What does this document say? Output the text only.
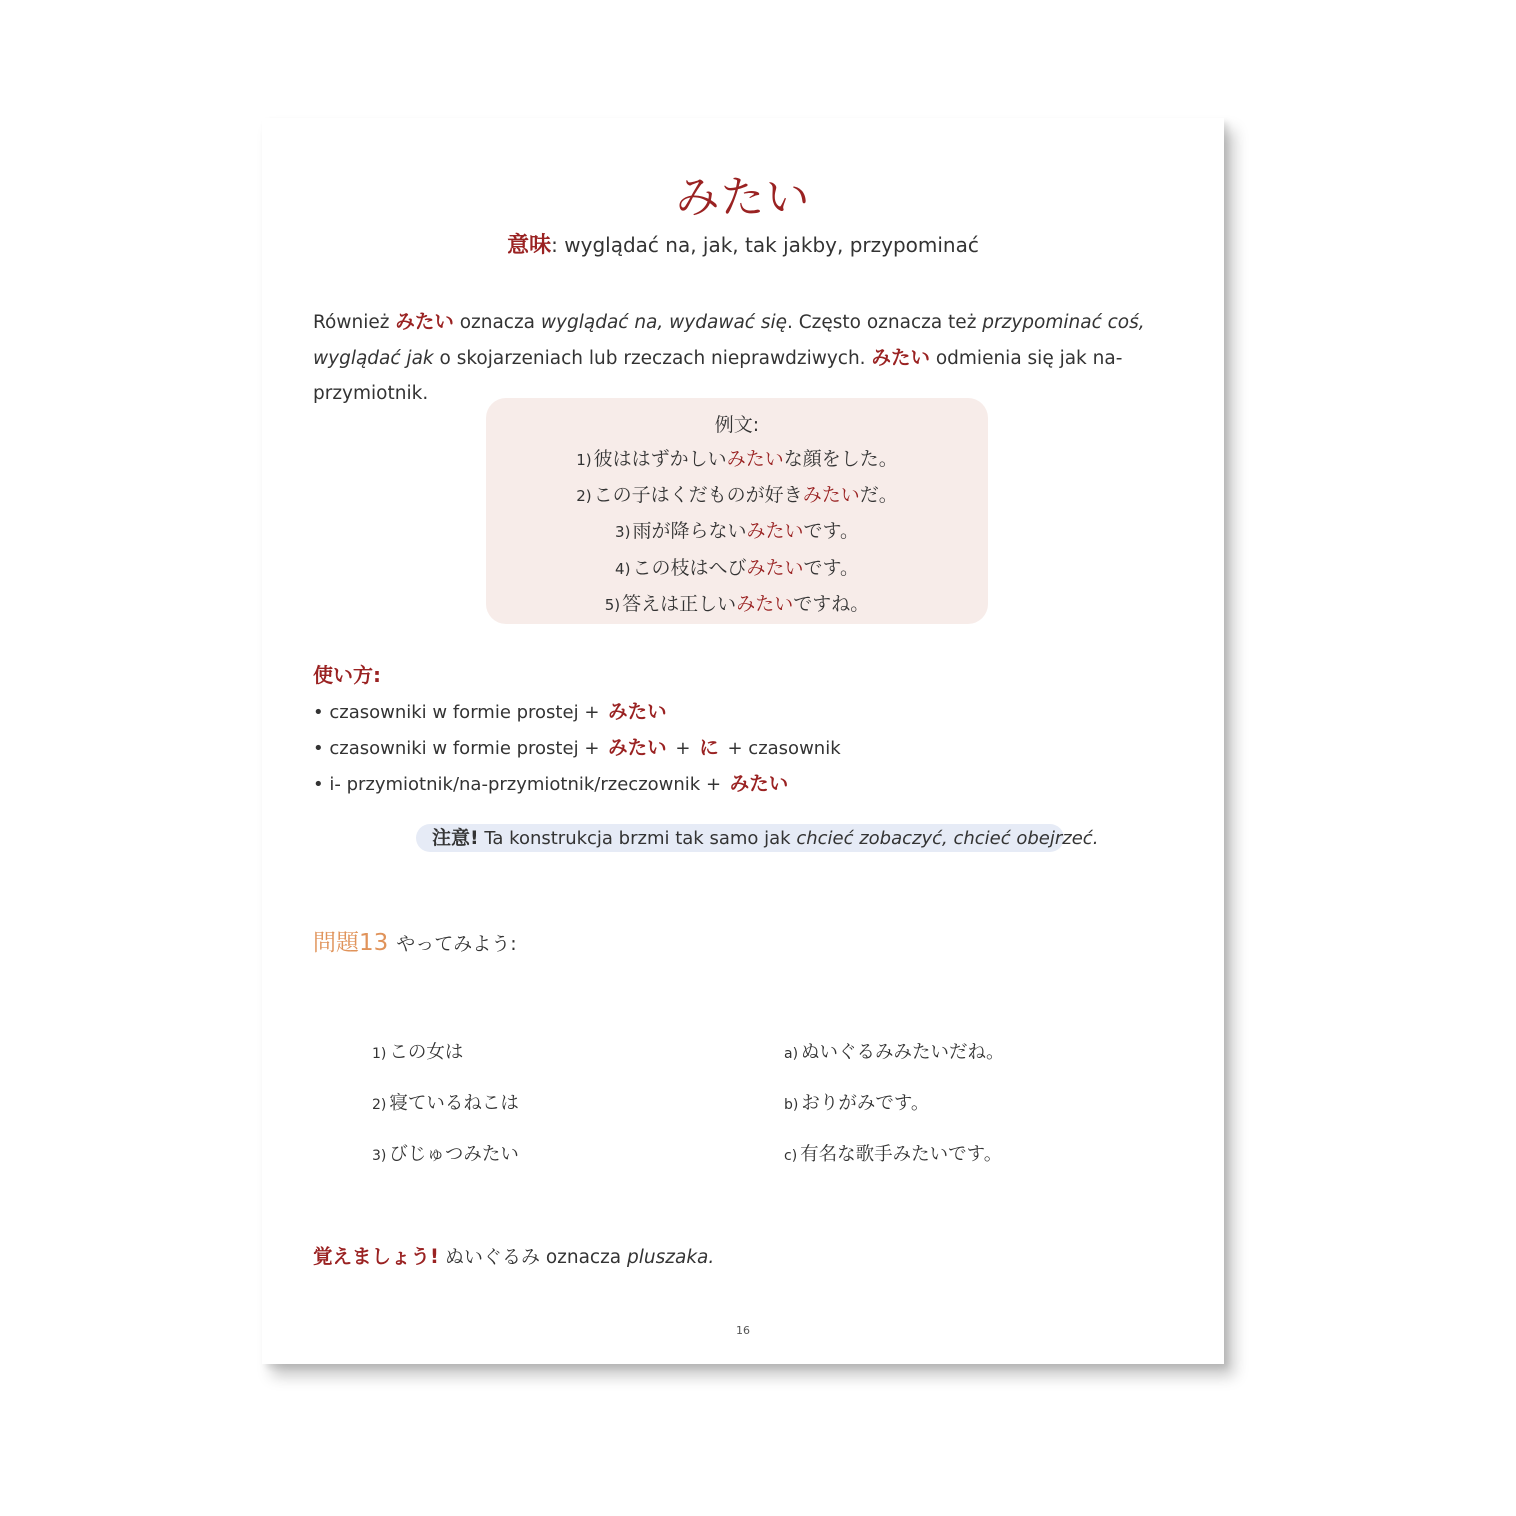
みたい
意味: wyglądać na, jak, tak jakby, przypominać
Również みたい oznacza wyglądać na, wydawać się. Często oznacza też przypominać coś, wyglądać jak o skojarzeniach lub rzeczach nieprawdziwych. みたい odmienia się jak na-przymiotnik.
例文:
1) 彼ははずかしいみたいな顔をした。
2) この子はくだものが好きみたいだ。
3) 雨が降らないみたいです。
4) この枝はへびみたいです。
5) 答えは正しいみたいですね。
使い方:
• czasowniki w formie prostej + みたい
• czasowniki w formie prostej + みたい + に + czasownik
• i- przymiotnik/na-przymiotnik/rzeczownik + みたい
注意! Ta konstrukcja brzmi tak samo jak chcieć zobaczyć, chcieć obejrzeć.
問題13 やってみよう:
1) この女は
2) 寝ているねこは
3) びじゅつみたい
a) ぬいぐるみみたいだね。
b) おりがみです。
c) 有名な歌手みたいです。
覚えましょう! ぬいぐるみ oznacza pluszaka.
16
